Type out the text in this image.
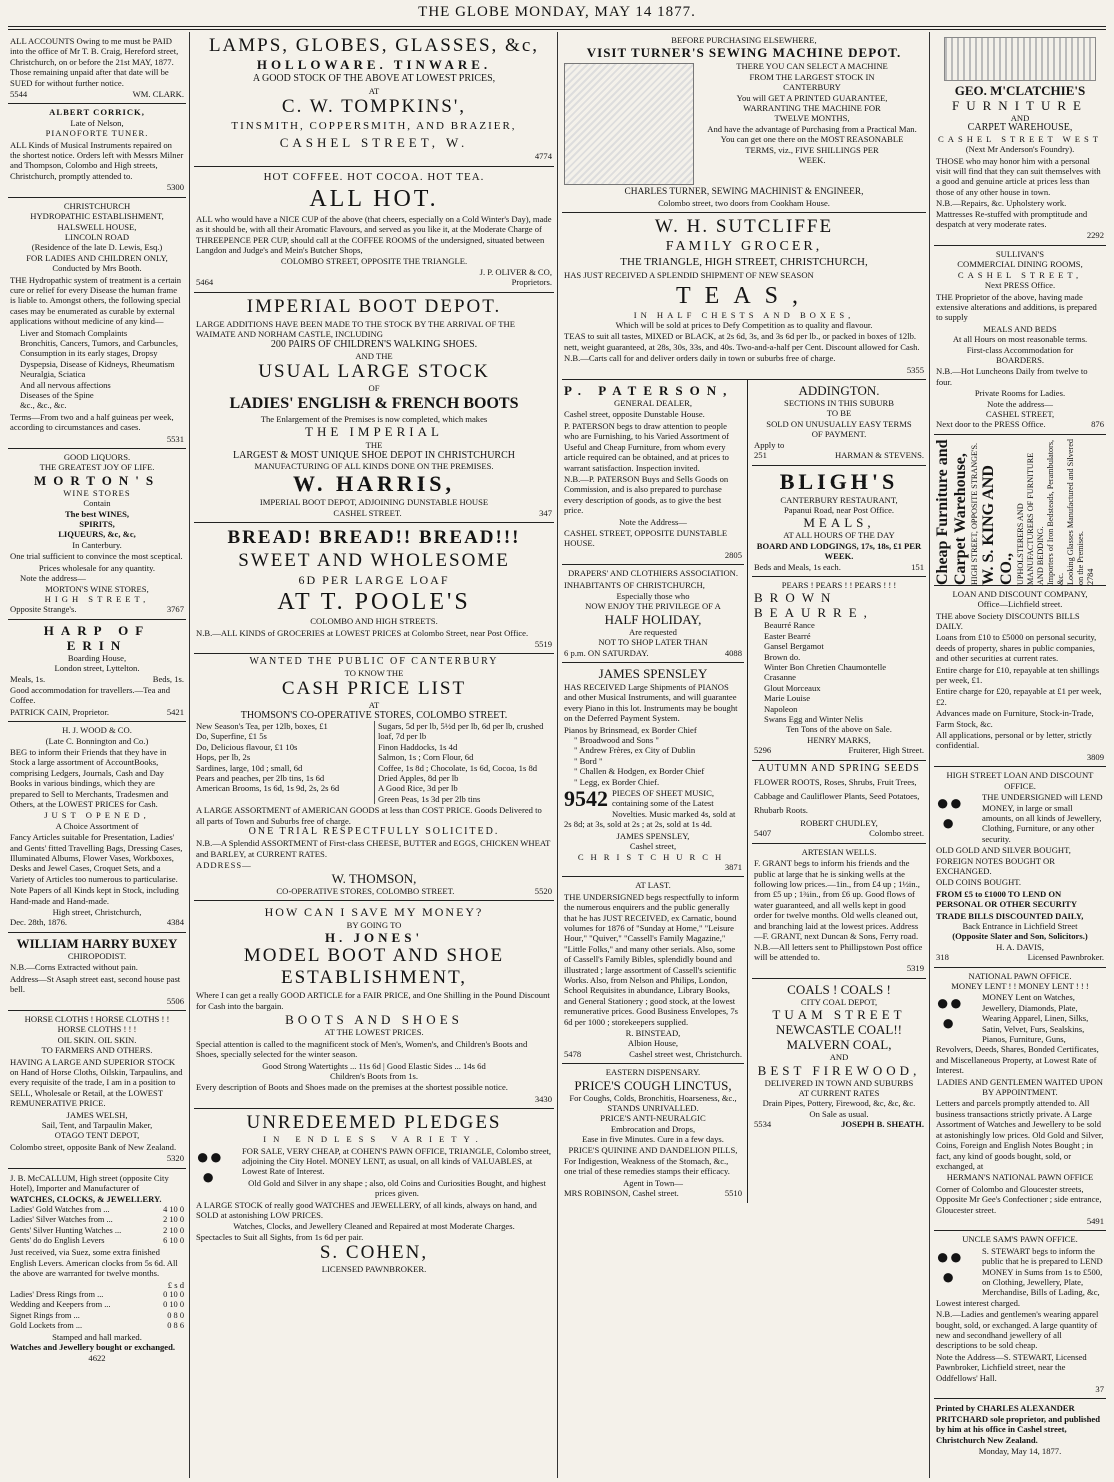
THE GLOBE MONDAY, MAY 14 1877.
ALL ACCOUNTS Owing to me must be PAID into the office of Mr T. B. Craig, Hereford street, Christchurch, on or before the 21st MAY, 1877. Those remaining unpaid after that date will be SUED for without further notice.
5544	WM. CLARK.
ALBERT CORRICK,
Late of Nelson,
PIANOFORTE TUNER.
ALL Kinds of Musical Instruments repaired on the shortest notice. Orders left with Messrs Milner and Thompson, Colombo and High streets, Christchurch, promptly attended to.
5300
CHRISTCHURCH
HYDROPATHIC ESTABLISHMENT,
HALSWELL HOUSE,
LINCOLN ROAD
(Residence of the late D. Lewis, Esq.)
FOR LADIES AND CHILDREN ONLY,
Conducted by Mrs Booth.
THE Hydropathic system of treatment is a certain cure or relief for every Disease the human frame is liable to. Amongst others, the following special cases may be enumerated as curable by external applications without medicine of any kind—
Liver and Stomach Complaints
Bronchitis, Cancers, Tumors, and Carbuncles,
Consumption in its early stages, Dropsy
Dyspepsia, Disease of Kidneys, Rheumatism
Neuralgia, Sciatica
And all nervous affections
Diseases of the Spine
&c., &c., &c.
Terms—From two and a half guineas per week, according to circumstances and cases.
5531
GOOD LIQUORS.
THE GREATEST JOY OF LIFE.
MORTON'S
WINE STORES
Contain
The best WINES,
SPIRITS,
LIQUEURS, &c, &c,
In Canterbury.
One trial sufficient to convince the most sceptical.
Prices wholesale for any quantity.
Note the address—
MORTON'S WINE STORES,
HIGH STREET,
Opposite Strange's.	3767
HARP OF ERIN
Boarding House,
London street, Lyttelton.
Meals, 1s.	Beds, 1s.
Good accommodation for travellers.—Tea and Coffee.
PATRICK CAIN, Proprietor.	5421
H. J. WOOD & CO.
(Late C. Bonnington and Co.)
BEG to inform their Friends that they have in Stock a large assortment of AccountBooks, comprising Ledgers, Journals, Cash and Day Books in various bindings, which they are prepared to Sell to Merchants, Tradesmen and Others, at the LOWEST PRICES for Cash.
JUST OPENED,
A Choice Assortment of
Fancy Articles suitable for Presentation, Ladies' and Gents' fitted Travelling Bags, Dressing Cases, Illuminated Albums, Flower Vases, Workboxes, Desks and Jewel Cases, Croquet Sets, and a Variety of Articles too numerous to particularise.
Note Papers of all Kinds kept in Stock, including Hand-made and Hand-made.
High street, Christchurch,
Dec. 28th, 1876.	4384
WILLIAM HARRY BUXEY
CHIROPODIST.
N.B.—Corns Extracted without pain.
Address—St Asaph street east, second house past bell.
5506
HORSE CLOTHS ! HORSE CLOTHS ! !
HORSE CLOTHS ! ! !
OIL SKIN. OIL SKIN.
TO FARMERS AND OTHERS.
HAVING A LARGE AND SUPERIOR STOCK on Hand of Horse Cloths, Oilskin, Tarpaulins, and every requisite of the trade, I am in a position to SELL, Wholesale or Retail, at the LOWEST REMUNERATIVE PRICE.
JAMES WELSH,
Sail, Tent, and Tarpaulin Maker,
OTAGO TENT DEPOT,
Colombo street, opposite Bank of New Zealand.
5320
J. B. McCALLUM, High street (opposite City Hotel), Importer and Manufacturer of
WATCHES, CLOCKS, & JEWELLERY.
Ladies' Gold Watches from ...	4 10 0
Ladies' Silver Watches from ...	2 10 0
Gents' Silver Hunting Watches ...	2 10 0
Gents' do do English Levers	6 10 0
Just received, via Suez, some extra finished English Levers. American clocks from 5s 6d. All the above are warranted for twelve months.
£ s d
Ladies' Dress Rings from ...	0 10 0
Wedding and Keepers from ...	0 10 0
Signet Rings from ...	0 8 0
Gold Lockets from ...	0 8 6
Stamped and hall marked.
Watches and Jewellery bought or exchanged.
4622
LAMPS, GLOBES, GLASSES, &c,
HOLLOWARE. TINWARE.
A GOOD STOCK OF THE ABOVE AT LOWEST PRICES,
AT
C. W. TOMPKINS',
TINSMITH, COPPERSMITH, AND BRAZIER,
CASHEL STREET, W.
4774
HOT COFFEE. HOT COCOA. HOT TEA.
ALL HOT.
ALL who would have a NICE CUP of the above (that cheers, especially on a Cold Winter's Day), made as it should be, with all their Aromatic Flavours, and served as you like it, at the Moderate Charge of THREEPENCE PER CUP, should call at the COFFEE ROOMS of the undersigned, situated between Langdon and Judge's and Mein's Butcher Shops,
COLOMBO STREET, OPPOSITE THE TRIANGLE.
J. P. OLIVER & CO,
5464	Proprietors.
IMPERIAL BOOT DEPOT.
LARGE ADDITIONS HAVE BEEN MADE TO THE STOCK BY THE ARRIVAL OF THE WAIMATE AND NORHAM CASTLE, INCLUDING
200 PAIRS OF CHILDREN'S WALKING SHOES.
AND THE
USUAL LARGE STOCK
OF
LADIES' ENGLISH & FRENCH BOOTS
The Enlargement of the Premises is now completed, which makes
THE IMPERIAL
THE
LARGEST & MOST UNIQUE SHOE DEPOT IN CHRISTCHURCH
MANUFACTURING OF ALL KINDS DONE ON THE PREMISES.
W. HARRIS,
IMPERIAL BOOT DEPOT, ADJOINING DUNSTABLE HOUSE
CASHEL STREET.	347
BREAD! BREAD!! BREAD!!!
SWEET AND WHOLESOME
6D PER LARGE LOAF
AT T. POOLE'S
COLOMBO AND HIGH STREETS.
N.B.—ALL KINDS of GROCERIES at LOWEST PRICES at Colombo Street, near Post Office.
5519
WANTED THE PUBLIC OF CANTERBURY
TO KNOW THE
CASH PRICE LIST
AT
THOMSON'S CO-OPERATIVE STORES, COLOMBO STREET.
New Season's Tea, per 12lb, boxes, £1
Do, Superfine, £1 5s
Do, Delicious flavour, £1 10s
Hops, per lb, 2s
Sardines, large, 10d ; small, 6d
Pears and peaches, per 2lb tins, 1s 6d
American Brooms, 1s 6d, 1s 9d, 2s, 2s 6d
Sugars, 5d per lb, 5½d per lb, 6d per lb, crushed loaf, 7d per lb
Finon Haddocks, 1s 4d
Salmon, 1s ; Corn Flour, 6d
Coffee, 1s 8d ; Chocolate, 1s 6d, Cocoa, 1s 8d
Dried Apples, 8d per lb
A Good Rice, 3d per lb
Green Peas, 1s 3d per 2lb tins
A LARGE ASSORTMENT of AMERICAN GOODS at less than COST PRICE. Goods Delivered to all parts of Town and Suburbs free of charge.
ONE TRIAL RESPECTFULLY SOLICITED.
N.B.—A Splendid ASSORTMENT of First-class CHEESE, BUTTER and EGGS, CHICKEN WHEAT and BARLEY, at CURRENT RATES.
ADDRESS—
W. THOMSON,
CO-OPERATIVE STORES, COLOMBO STREET.	5520
HOW CAN I SAVE MY MONEY?
BY GOING TO
H. JONES'
MODEL BOOT AND SHOE
ESTABLISHMENT,
Where I can get a really GOOD ARTICLE for a FAIR PRICE, and One Shilling in the Pound Discount for Cash into the bargain.
BOOTS AND SHOES
AT THE LOWEST PRICES.
Special attention is called to the magnificent stock of Men's, Women's, and Children's Boots and Shoes, specially selected for the winter season.
Good Strong Watertights ... 11s 6d | Good Elastic Sides ... 14s 6d
Children's Boots from 1s.
Every description of Boots and Shoes made on the premises at the shortest possible notice.
3430
UNREDEEMED PLEDGES
IN ENDLESS VARIETY.
●●
●
FOR SALE, VERY CHEAP, at COHEN'S PAWN OFFICE, TRIANGLE, Colombo street, adjoining the City Hotel. MONEY LENT, as usual, on all kinds of VALUABLES, at Lowest Rate of Interest.
Old Gold and Silver in any shape ; also, old Coins and Curiosities Bought, and highest prices given.
A LARGE STOCK of really good WATCHES and JEWELLERY, of all kinds, always on hand, and SOLD at astonishing LOW PRICES.
Watches, Clocks, and Jewellery Cleaned and Repaired at most Moderate Charges.
Spectacles to Suit all Sights, from 1s 6d per pair.
S. COHEN,
LICENSED PAWNBROKER.
BEFORE PURCHASING ELSEWHERE,
VISIT TURNER'S SEWING MACHINE DEPOT.
THERE YOU CAN SELECT A MACHINE
FROM THE LARGEST STOCK IN
CANTERBURY
You will GET A PRINTED GUARANTEE,
WARRANTING THE MACHINE FOR
TWELVE MONTHS,
And have the advantage of Purchasing from a Practical Man.
You can get one there on the MOST REASONABLE
TERMS, viz., FIVE SHILLINGS PER
WEEK.
CHARLES TURNER, SEWING MACHINIST & ENGINEER,
Colombo street, two doors from Cookham House.
W. H. SUTCLIFFE
FAMILY GROCER,
THE TRIANGLE, HIGH STREET, CHRISTCHURCH,
HAS JUST RECEIVED A SPLENDID SHIPMENT OF NEW SEASON
TEAS,
IN HALF CHESTS AND BOXES,
Which will be sold at prices to Defy Competition as to quality and flavour.
TEAS to suit all tastes, MIXED or BLACK, at 2s 6d, 3s, and 3s 6d per lb., or packed in boxes of 12lb. nett, weight guaranteed, at 28s, 30s, 33s, and 40s. Two-and-a-half per Cent. Discount allowed for Cash.
N.B.—Carts call for and deliver orders daily in town or suburbs free of charge.
5355
P. PATERSON,
GENERAL DEALER,
Cashel street, opposite Dunstable House.
P. PATERSON begs to draw attention to people who are Furnishing, to his Varied Assortment of Useful and Cheap Furniture, from whom every article required can be obtained, and at prices to warrant satisfaction. Inspection invited.
N.B.—P. PATERSON Buys and Sells Goods on Commission, and is also prepared to purchase every description of goods, as to give the best price.
Note the Address—
CASHEL STREET, OPPOSITE DUNSTABLE HOUSE.
2805
DRAPERS' AND CLOTHIERS ASSOCIATION.
INHABITANTS OF CHRISTCHURCH,
Especially those who
NOW ENJOY THE PRIVILEGE OF A
HALF HOLIDAY,
Are requested
NOT TO SHOP LATER THAN
6 p.m. ON SATURDAY.	4088
JAMES SPENSLEY
HAS RECEIVED Large Shipments of PIANOS and other Musical Instruments, and will guarantee every Piano in this lot. Instruments may be bought on the Deferred Payment System.
Pianos by Brinsmead, ex Border Chief
" Broadwood and Sons "
" Andrew Frères, ex City of Dublin
" Bord "
" Challen & Hodgen, ex Border Chief
" Legg, ex Border Chief.
9542 PIECES OF SHEET MUSIC, containing some of the Latest Novelties. Music marked 4s, sold at 2s 8d; at 3s, sold at 2s ; at 2s, sold at 1s 4d.
JAMES SPENSLEY,
Cashel street,
CHRISTCHURCH
3871
AT LAST.
THE UNDERSIGNED begs respectfully to inform the numerous enquirers and the public generally that he has JUST RECEIVED, ex Carnatic, bound volumes for 1876 of "Sunday at Home," "Leisure Hour," "Quiver," "Cassell's Family Magazine," "Little Folks," and many other serials. Also, some of Cassell's Family Bibles, splendidly bound and illustrated ; large assortment of Cassell's scientific Works. Also, from Nelson and Philips, London, School Requisites in abundance, Library Books, and General Stationery ; good stock, at the lowest remunerative prices. Good Business Envelopes, 7s 6d per 1000 ; storekeepers supplied.
R. BINSTEAD,
Albion House,
5478	Cashel street west, Christchurch.
EASTERN DISPENSARY.
PRICE'S COUGH LINCTUS,
For Coughs, Colds, Bronchitis, Hoarseness, &c.,
STANDS UNRIVALLED.
PRICE'S ANTI-NEURALGIC
Embrocation and Drops,
Ease in five Minutes. Cure in a few days.
PRICE'S QUININE AND DANDELION PILLS,
For Indigestion, Weakness of the Stomach, &c., one trial of these remedies stamps their efficacy.
Agent in Town—
MRS ROBINSON, Cashel street.	5510
ADDINGTON.
SECTIONS IN THIS SUBURB
TO BE
SOLD ON UNUSUALLY EASY TERMS
OF PAYMENT.
Apply to
251	HARMAN & STEVENS.
BLIGH'S
CANTERBURY RESTAURANT,
Papanui Road, near Post Office.
MEALS,
AT ALL HOURS OF THE DAY
BOARD AND LODGINGS, 17s, 18s, £1 PER WEEK.
Beds and Meals, 1s each.	151
PEARS ! PEARS ! ! PEARS ! ! !
BROWN BEAURRE,
Beaurré Rance
Easter Bearré
Gansel Bergamot
Brown do.
Winter Bon Chretien Chaumontelle
Crasanne
Glout Morceaux
Marie Louise
Napoleon
Swans Egg and Winter Nelis
Ten Tons of the above on Sale.
HENRY MARKS,
5296	Fruiterer, High Street.
AUTUMN AND SPRING SEEDS
FLOWER ROOTS, Roses, Shrubs, Fruit Trees, Cabbage and Cauliflower Plants, Seed Potatoes, Rhubarb Roots.
ROBERT CHUDLEY,
5407	Colombo street.
ARTESIAN WELLS.
F. GRANT begs to inform his friends and the public at large that he is sinking wells at the following low prices.—1in., from £4 up ; 1½in., from £5 up ; 1¾in., from £6 up. Good flows of water guaranteed, and all wells kept in good order for twelve months. Old wells cleaned out, and branching laid at the lowest prices. Address—F. GRANT, next Duncan & Sons, Ferry road. N.B.—All letters sent to Phillipstown Post office will be attended to.
5319
COALS ! COALS !
CITY COAL DEPOT,
TUAM STREET
NEWCASTLE COAL!!
MALVERN COAL,
AND
BEST FIREWOOD,
DELIVERED IN TOWN AND SUBURBS
AT CURRENT RATES
Drain Pipes, Pottery, Firewood, &c, &c, &c.
On Sale as usual.
5534	JOSEPH B. SHEATH.
GEO. M'CLATCHIE'S
FURNITURE
AND
CARPET WAREHOUSE,
CASHEL STREET WEST
(Next Mr Anderson's Foundry).
THOSE who may honor him with a personal visit will find that they can suit themselves with a good and genuine article at prices less than those of any other house in town.
N.B.—Repairs, &c. Upholstery work. Mattresses Re-stuffed with promptitude and despatch at very moderate rates.
2292
SULLIVAN'S
COMMERCIAL DINING ROOMS,
CASHEL STREET,
Next PRESS Office.
THE Proprietor of the above, having made extensive alterations and additions, is prepared to supply
MEALS AND BEDS
At all Hours on most reasonable terms.
First-class Accommodation for
BOARDERS.
N.B.—Hot Luncheons Daily from twelve to four.
Private Rooms for Ladies.
Note the address—
CASHEL STREET,
Next door to the PRESS Office.	876
Cheap Furniture and Carpet Warehouse, HIGH STREET, OPPOSITE STRANGE'S. W. S. KING AND CO., UPHOLSTERERS AND MANUFACTURERS OF FURNITURE AND BEDDING. Importers of Iron Bedsteads, Perambulators, &c. Looking Glasses Manufactured and Silvered on the Premises. 2784
LOAN AND DISCOUNT COMPANY,
Office—Lichfield street.
THE above Society DISCOUNTS BILLS DAILY.
Loans from £10 to £5000 on personal security, deeds of property, shares in public companies, and other securities at current rates.
Entire charge for £10, repayable at ten shillings per week, £1.
Entire charge for £20, repayable at £1 per week, £2.
Advances made on Furniture, Stock-in-Trade, Farm Stock, &c.
All applications, personal or by letter, strictly confidential.
3809
HIGH STREET LOAN AND DISCOUNT OFFICE.
●●
●
THE UNDERSIGNED will LEND MONEY, in large or small amounts, on all kinds of Jewellery, Clothing, Furniture, or any other security.
OLD GOLD AND SILVER BOUGHT, FOREIGN NOTES BOUGHT OR EXCHANGED.
OLD COINS BOUGHT.
FROM £5 to £1000 TO LEND ON PERSONAL OR OTHER SECURITY
TRADE BILLS DISCOUNTED DAILY,
Back Entrance in Lichfield Street
(Opposite Slater and Son, Solicitors.)
H. A. DAVIS,
318	Licensed Pawnbroker.
NATIONAL PAWN OFFICE.
MONEY LENT ! ! MONEY LENT ! ! !
●●
●
MONEY Lent on Watches, Jewellery, Diamonds, Plate, Wearing Apparel, Linen, Silks, Satin, Velvet, Furs, Sealskins, Pianos, Furniture, Guns, Revolvers, Deeds, Shares, Bonded Certificates, and Miscellaneous Property, at Lowest Rate of Interest.
LADIES AND GENTLEMEN WAITED UPON BY APPOINTMENT.
Letters and parcels promptly attended to. All business transactions strictly private. A Large Assortment of Watches and Jewellery to be sold at astonishingly low prices. Old Gold and Silver, Coins, Foreign and English Notes Bought ; in fact, any kind of goods bought, sold, or exchanged, at
HERMAN'S NATIONAL PAWN OFFICE
Corner of Colombo and Gloucester streets, Opposite Mr Gee's Confectioner ; side entrance, Gloucester street.
5491
UNCLE SAM'S PAWN OFFICE.
●●
●
S. STEWART begs to inform the public that he is prepared to LEND MONEY in Sums from 1s to £500, on Clothing, Jewellery, Plate, Merchandise, Bills of Lading, &c, Lowest interest charged.
N.B.—Ladies and gentlemen's wearing apparel bought, sold, or exchanged. A large quantity of new and secondhand jewellery of all descriptions to be sold cheap.
Note the Address—S. STEWART, Licensed Pawnbroker, Lichfield street, near the Oddfellows' Hall.
37
Printed by CHARLES ALEXANDER PRITCHARD sole proprietor, and published by him at his office in Cashel street, Christchurch New Zealand.
Monday, May 14, 1877.
